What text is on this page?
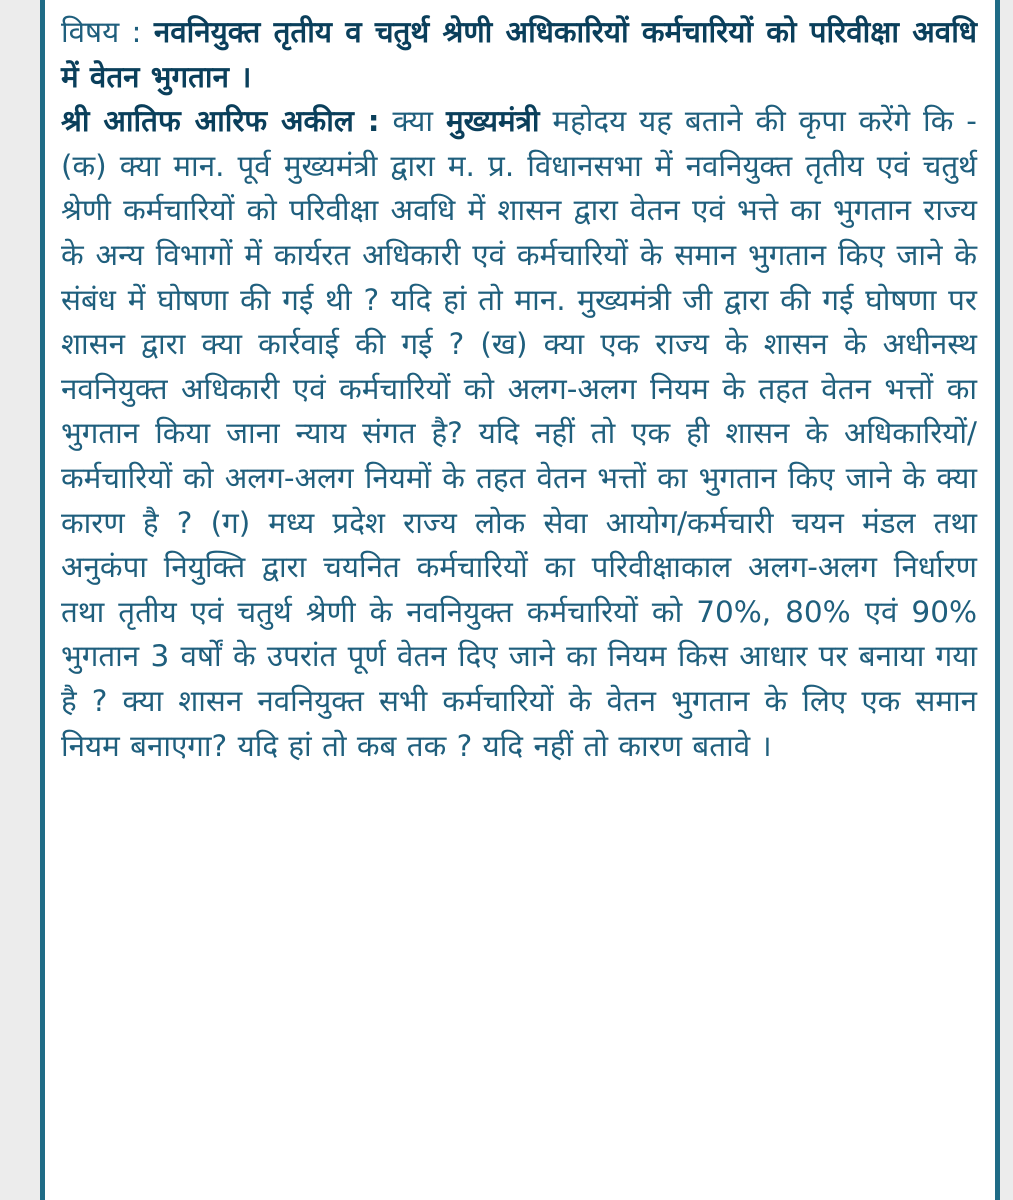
विषय : नवनियुक्त तृतीय व चतुर्थ श्रेणी अधिकारियों कर्मचारियों को परिवीक्षा अवधि में वेतन भुगतान ।

श्री आतिफ आरिफ अकील : क्या मुख्यमंत्री महोदय यह बताने की कृपा करेंगे कि - (क) क्या मान. पूर्व मुख्यमंत्री द्वारा म. प्र. विधानसभा में नवनियुक्त तृतीय एवं चतुर्थ श्रेणी कर्मचारियों को परिवीक्षा अवधि में शासन द्वारा वेतन एवं भत्ते का भुगतान राज्य के अन्य विभागों में कार्यरत अधिकारी एवं कर्मचारियों के समान भुगतान किए जाने के संबंध में घोषणा की गई थी ? यदि हां तो मान. मुख्यमंत्री जी द्वारा की गई घोषणा पर शासन द्वारा क्या कार्रवाई की गई ? (ख) क्या एक राज्य के शासन के अधीनस्थ नवनियुक्त अधिकारी एवं कर्मचारियों को अलग-अलग नियम के तहत वेतन भत्तों का भुगतान किया जाना न्याय संगत है? यदि नहीं तो एक ही शासन के अधिकारियों/कर्मचारियों को अलग-अलग नियमों के तहत वेतन भत्तों का भुगतान किए जाने के क्या कारण है ? (ग) मध्य प्रदेश राज्य लोक सेवा आयोग/कर्मचारी चयन मंडल तथा अनुकंपा नियुक्ति द्वारा चयनित कर्मचारियों का परिवीक्षाकाल अलग-अलग निर्धारण तथा तृतीय एवं चतुर्थ श्रेणी के नवनियुक्त कर्मचारियों को 70%, 80% एवं 90% भुगतान 3 वर्षों के उपरांत पूर्ण वेतन दिए जाने का नियम किस आधार पर बनाया गया है ? क्या शासन नवनियुक्त सभी कर्मचारियों के वेतन भुगतान के लिए एक समान नियम बनाएगा? यदि हां तो कब तक ? यदि नहीं तो कारण बतावे ।
